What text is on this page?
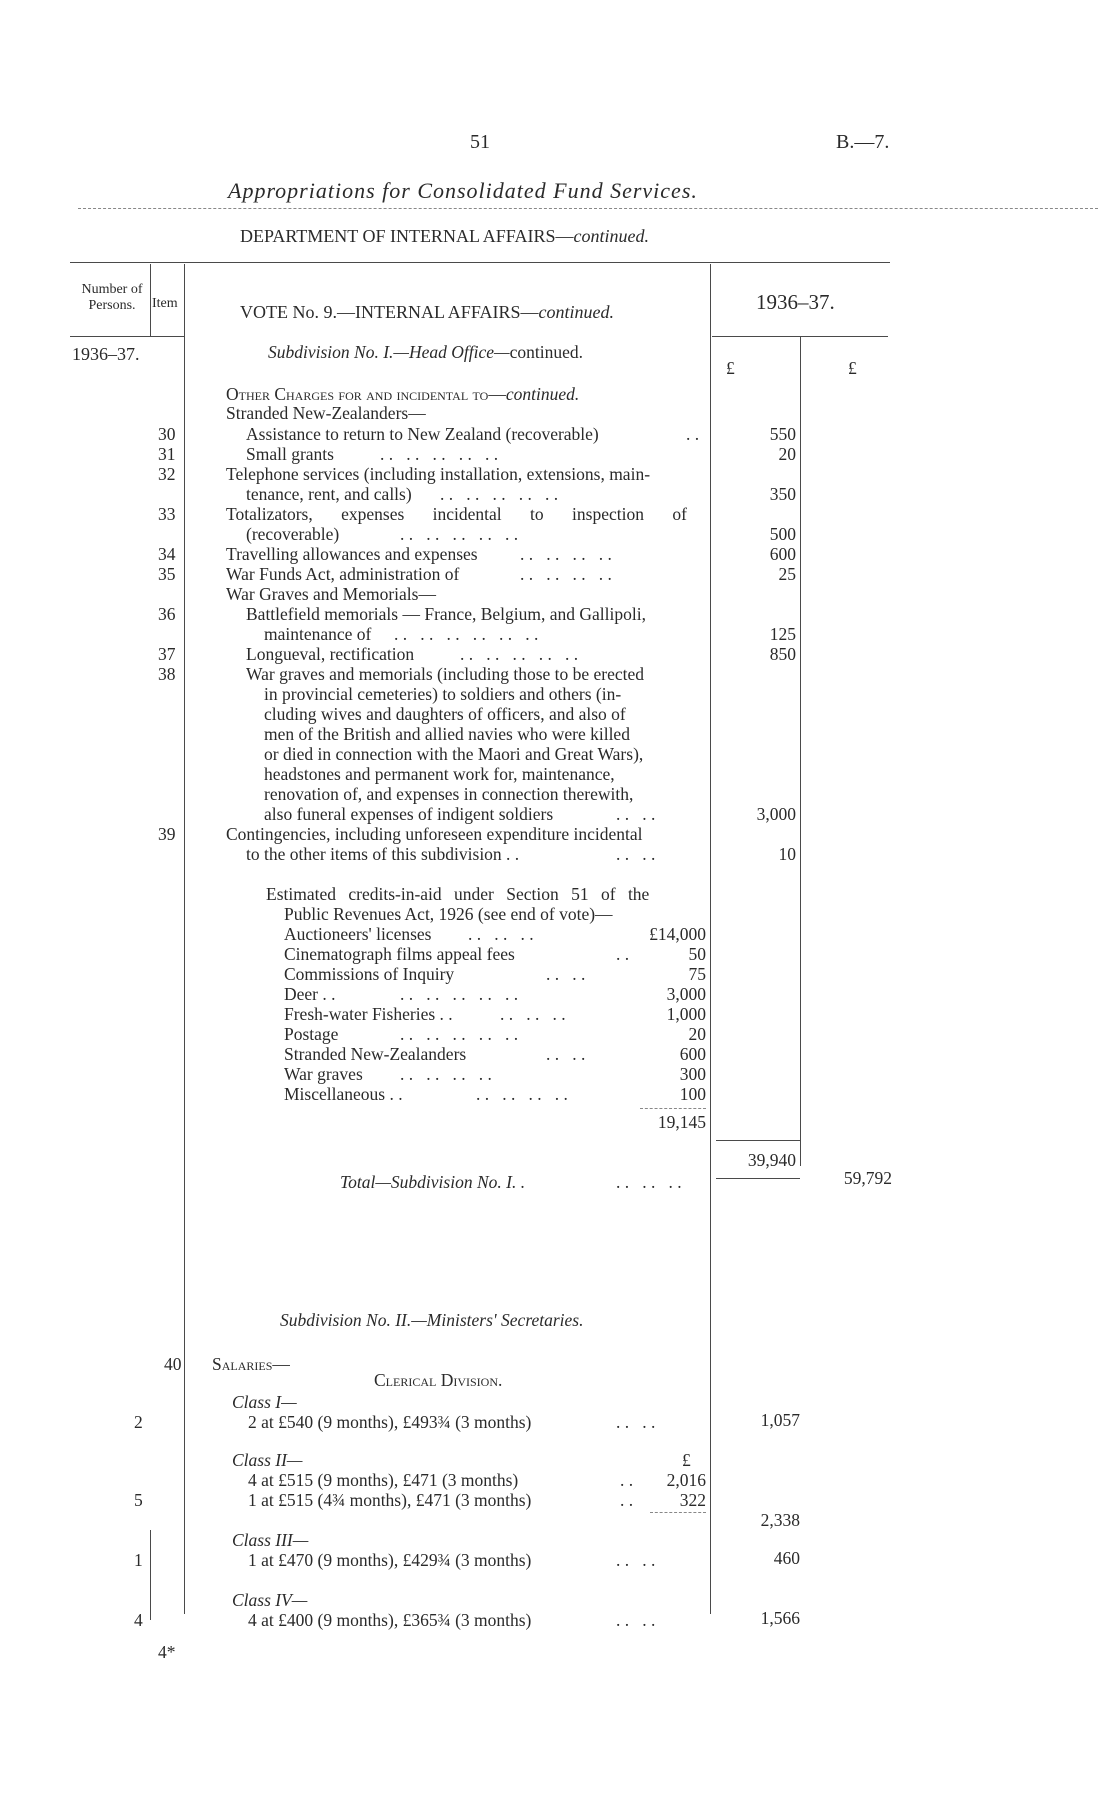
51	B.—7.
Appropriations for Consolidated Fund Services.
DEPARTMENT OF INTERNAL AFFAIRS—continued.
Number of Persons.	Item	1936–37.
1936–37.
£	£
VOTE No. 9.—INTERNAL AFFAIRS—continued.
Subdivision No. I.—Head Office—continued.
Other Charges for and incidental to—continued.
Stranded New-Zealanders—
30	Assistance to return to New Zealand (recoverable)	. .	550
31	Small grants	. .   . .   . .   . .   . .	20
32	Telephone services (including installation, extensions, main-
tenance, rent, and calls) . .   . .   . .   . .   . .	350
33	Totalizators, expenses incidental to inspection of
(recoverable)	. .   . .   . .   . .   . .	500
34	Travelling allowances and expenses . .   . .   . .   . .	600
35	War Funds Act, administration of	. .   . .   . .   . .	25
War Graves and Memorials—
36	Battlefield memorials — France, Belgium, and Gallipoli,
maintenance of . .   . .   . .   . .   . .   . .	125
37	Longueval, rectification	. .   . .   . .   . .   . .	850
38	War graves and memorials (including those to be erected
in provincial cemeteries) to soldiers and others (in-
cluding wives and daughters of officers, and also of
men of the British and allied navies who were killed
or died in connection with the Maori and Great Wars),
headstones and permanent work for, maintenance,
renovation of, and expenses in connection therewith,
also funeral expenses of indigent soldiers	. .   . .	3,000
39	Contingencies, including unforeseen expenditure incidental
to the other items of this subdivision . .	. .   . .	10
Estimated credits-in-aid under Section 51 of the
Public Revenues Act, 1926 (see end of vote)—
Auctioneers' licenses . .   . .   . .	£14,000
Cinematograph films appeal fees	. .	50
Commissions of Inquiry	. .   . .	75
Deer . .	. .   . .   . .   . .   . .	3,000
Fresh-water Fisheries . .	. .   . .   . .	1,000
Postage	. .   . .   . .   . .   . .	20
Stranded New-Zealanders	. .   . .	600
War graves . .   . .   . .   . .	300
Miscellaneous . .	. .   . .   . .   . .	100
19,145
39,940
Total—Subdivision No. I. .	. .   . .   . .	59,792
Subdivision No. II.—Ministers' Secretaries.
40 Salaries—
Clerical Division.
Class I—
2	2 at £540 (9 months), £493¾ (3 months)	. .   . .	1,057
Class II—	£
4 at £515 (9 months), £471 (3 months)	. .	2,016
5	1 at £515 (4¾ months), £471 (3 months)	. .	322
2,338
Class III—
1	1 at £470 (9 months), £429¾ (3 months)	. .   . .	460
Class IV—
4	4 at £400 (9 months), £365¾ (3 months)	. .   . .	1,566
4*
